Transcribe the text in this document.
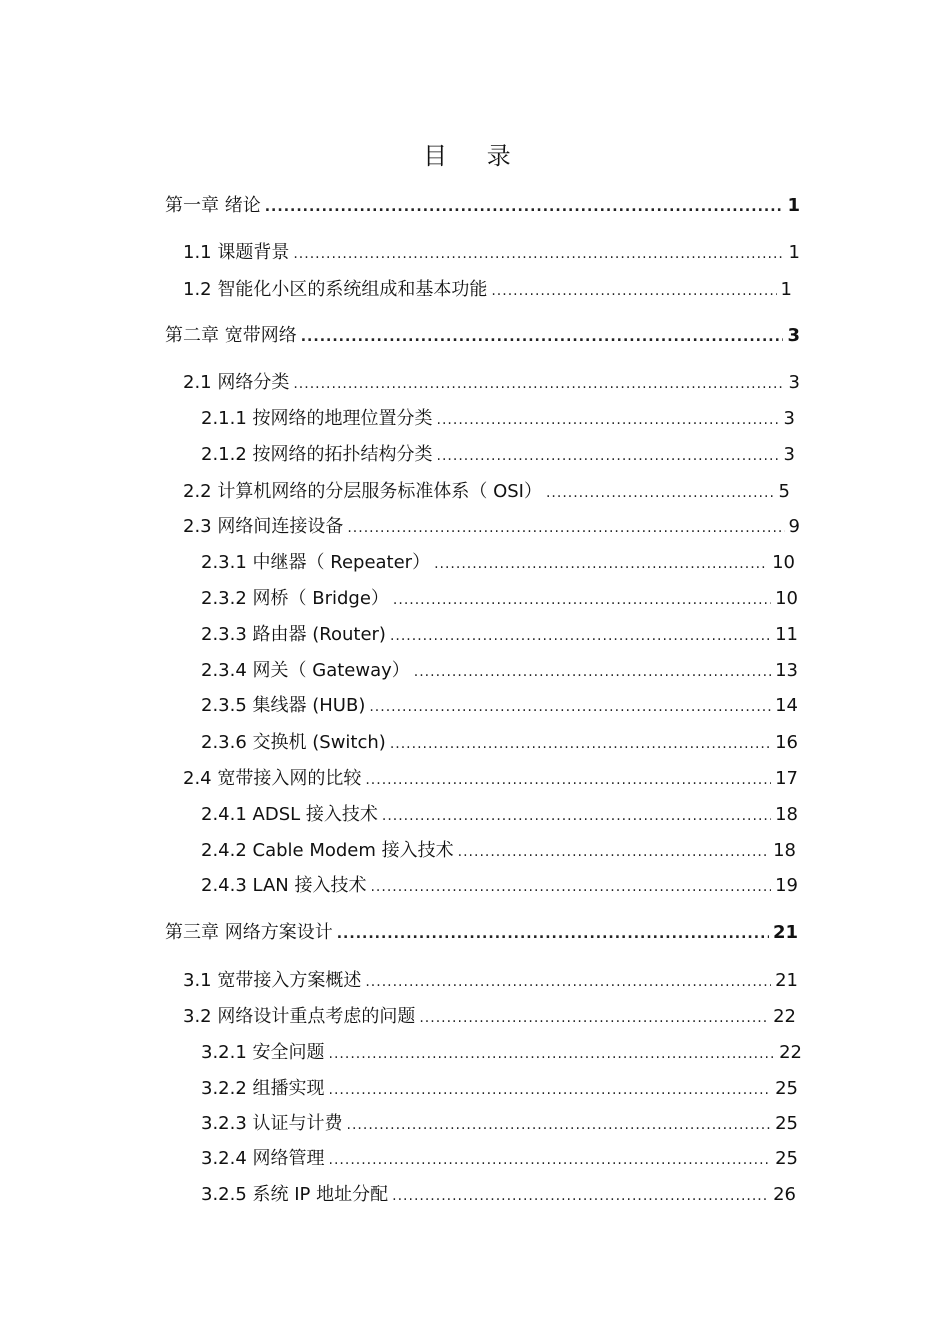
目 录
第一章 绪论 .....	1
1.1 课题背景 .....	1
1.2 智能化小区的系统组成和基本功能 .....	1
第二章 宽带网络 .....	3
2.1 网络分类 .....	3
2.1.1 按网络的地理位置分类 .....	3
2.1.2 按网络的拓扑结构分类 .....	3
2.2 计算机网络的分层服务标准体系（ OSI） .....	5
2.3 网络间连接设备 .....	9
2.3.1 中继器（ Repeater） .....	10
2.3.2 网桥（ Bridge） .....	10
2.3.3 路由器 (Router) .....	11
2.3.4 网关（ Gateway） .....	13
2.3.5 集线器 (HUB) .....	14
2.3.6 交换机 (Switch) .....	16
2.4 宽带接入网的比较 .....	17
2.4.1 ADSL 接入技术 .....	18
2.4.2 Cable Modem 接入技术 .....	18
2.4.3 LAN 接入技术 .....	19
第三章 网络方案设计 .....	21
3.1 宽带接入方案概述 .....	21
3.2 网络设计重点考虑的问题 .....	22
3.2.1 安全问题 .....	22
3.2.2 组播实现 .....	25
3.2.3 认证与计费 .....	25
3.2.4 网络管理 .....	25
3.2.5 系统 IP 地址分配 .....	26
